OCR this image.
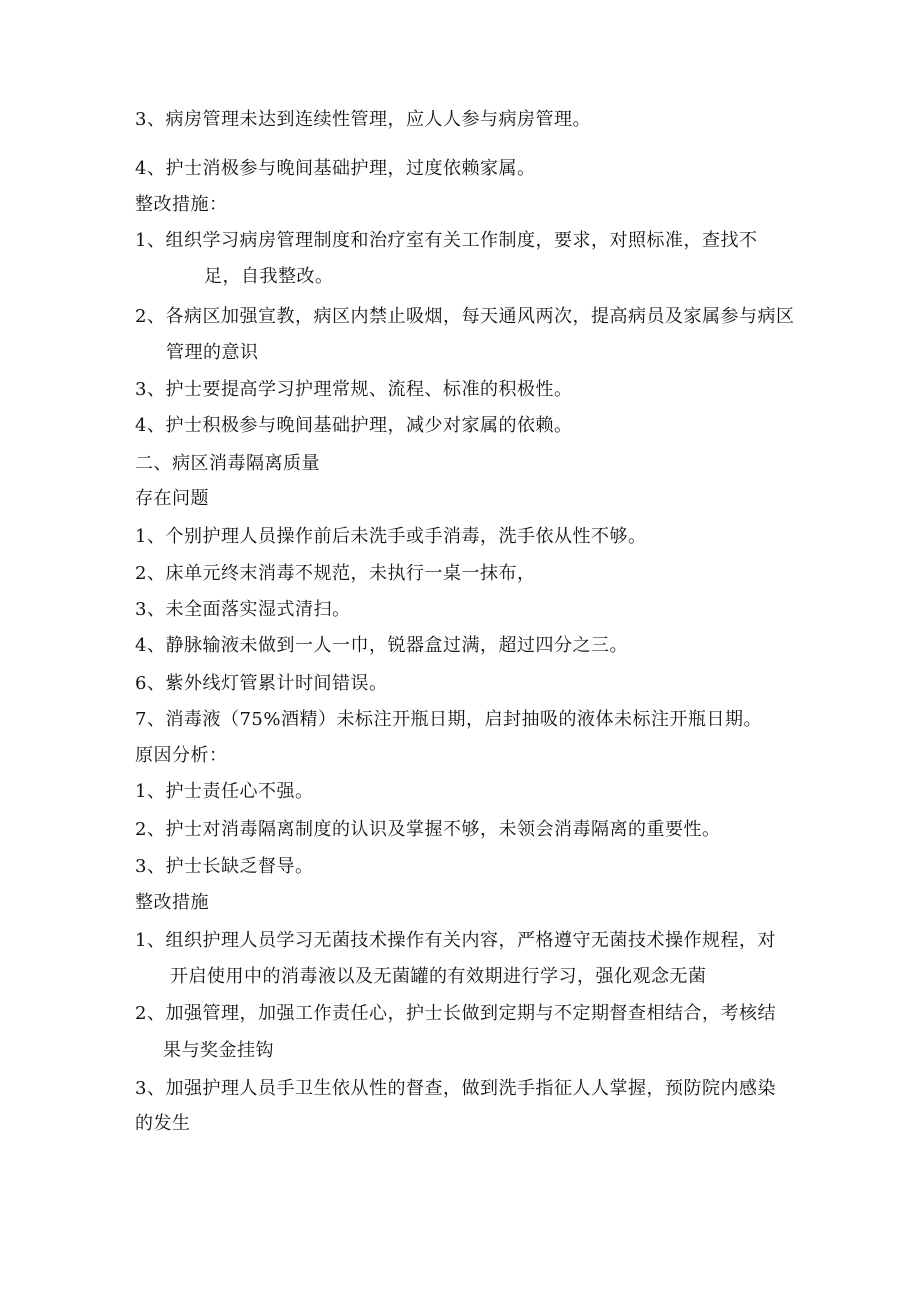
3、病房管理未达到连续性管理，应人人参与病房管理。
4、护士消极参与晚间基础护理，过度依赖家属。
整改措施：
1、组织学习病房管理制度和治疗室有关工作制度，要求，对照标准，查找不
足，自我整改。
2、各病区加强宣教，病区内禁止吸烟，每天通风两次，提高病员及家属参与病区
管理的意识
3、护士要提高学习护理常规、流程、标准的积极性。
4、护士积极参与晚间基础护理，减少对家属的依赖。
二、病区消毒隔离质量
存在问题
1、个别护理人员操作前后未洗手或手消毒，洗手依从性不够。
2、床单元终末消毒不规范，未执行一桌一抹布，
3、未全面落实湿式清扫。
4、静脉输液未做到一人一巾，锐器盒过满，超过四分之三。
6、紫外线灯管累计时间错误。
7、消毒液（75%酒精）未标注开瓶日期，启封抽吸的液体未标注开瓶日期。
原因分析：
1、护士责任心不强。
2、护士对消毒隔离制度的认识及掌握不够，未领会消毒隔离的重要性。
3、护士长缺乏督导。
整改措施
1、组织护理人员学习无菌技术操作有关内容，严格遵守无菌技术操作规程，对
开启使用中的消毒液以及无菌罐的有效期进行学习，强化观念无菌
2、加强管理，加强工作责任心，护士长做到定期与不定期督查相结合，考核结
果与奖金挂钩
3、加强护理人员手卫生依从性的督查，做到洗手指征人人掌握，预防院内感染
的发生
